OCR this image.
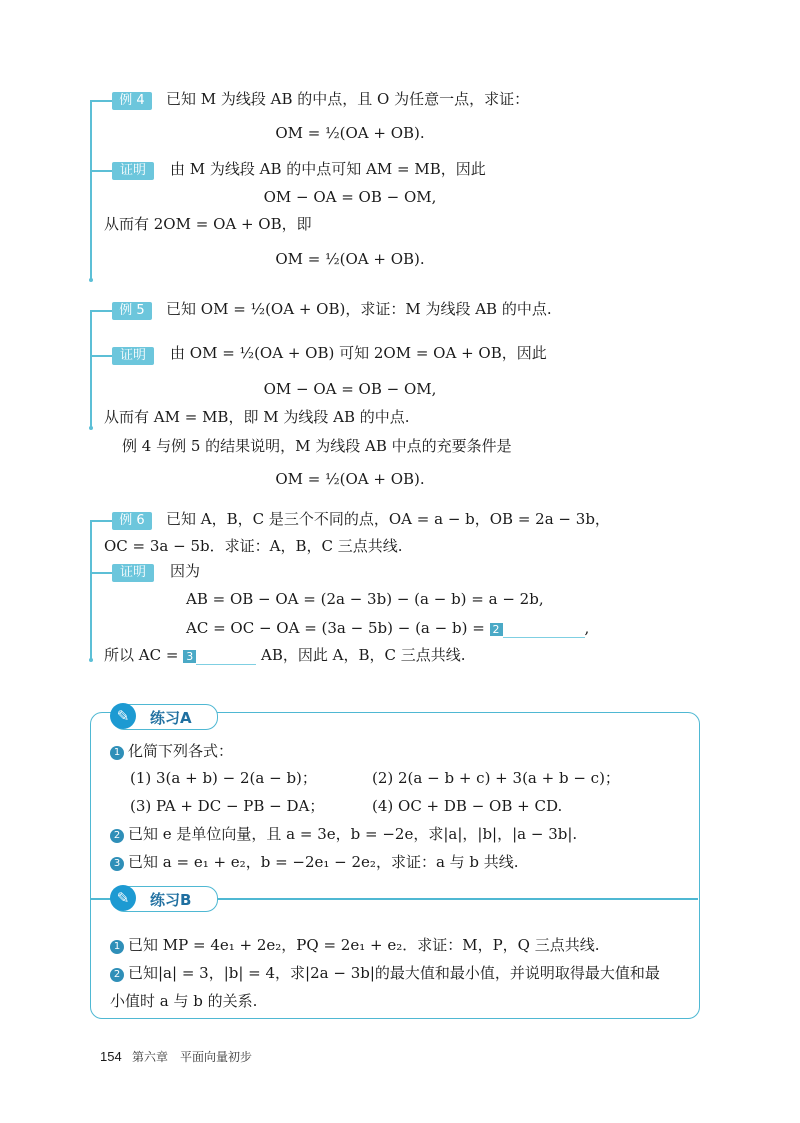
例 4	已知 M 为线段 AB 的中点，且 O 为任意一点，求证：
OM = ½(OA + OB).
证明	由 M 为线段 AB 的中点可知 AM = MB，因此
OM − OA = OB − OM,
从而有 2OM = OA + OB，即
OM = ½(OA + OB).
例 5	已知 OM = ½(OA + OB)，求证：M 为线段 AB 的中点.
证明	由 OM = ½(OA + OB) 可知 2OM = OA + OB，因此
OM − OA = OB − OM,
从而有 AM = MB，即 M 为线段 AB 的中点.
例 4 与例 5 的结果说明，M 为线段 AB 中点的充要条件是
OM = ½(OA + OB).
例 6	已知 A，B，C 是三个不同的点，OA = a − b，OB = 2a − 3b，
OC = 3a − 5b．求证：A，B，C 三点共线.
证明	因为
AB = OB − OA = (2a − 3b) − (a − b) = a − 2b,
AC = OC − OA = (3a − 5b) − (a − b) = 2	,
所以 AC = 3	AB，因此 A，B，C 三点共线.
✎	练习A
1 化简下列各式：
(1) 3(a + b) − 2(a − b)；	(2) 2(a − b + c) + 3(a + b − c)；
(3) PA + DC − PB − DA；	(4) OC + DB − OB + CD.
2 已知 e 是单位向量，且 a = 3e，b = −2e，求|a|，|b|，|a − 3b|.
3 已知 a = e₁ + e₂，b = −2e₁ − 2e₂，求证：a 与 b 共线.
✎	练习B
1 已知 MP = 4e₁ + 2e₂，PQ = 2e₁ + e₂．求证：M，P，Q 三点共线.
2 已知|a| = 3，|b| = 4，求|2a − 3b|的最大值和最小值，并说明取得最大值和最
小值时 a 与 b 的关系.
154 第六章　平面向量初步
